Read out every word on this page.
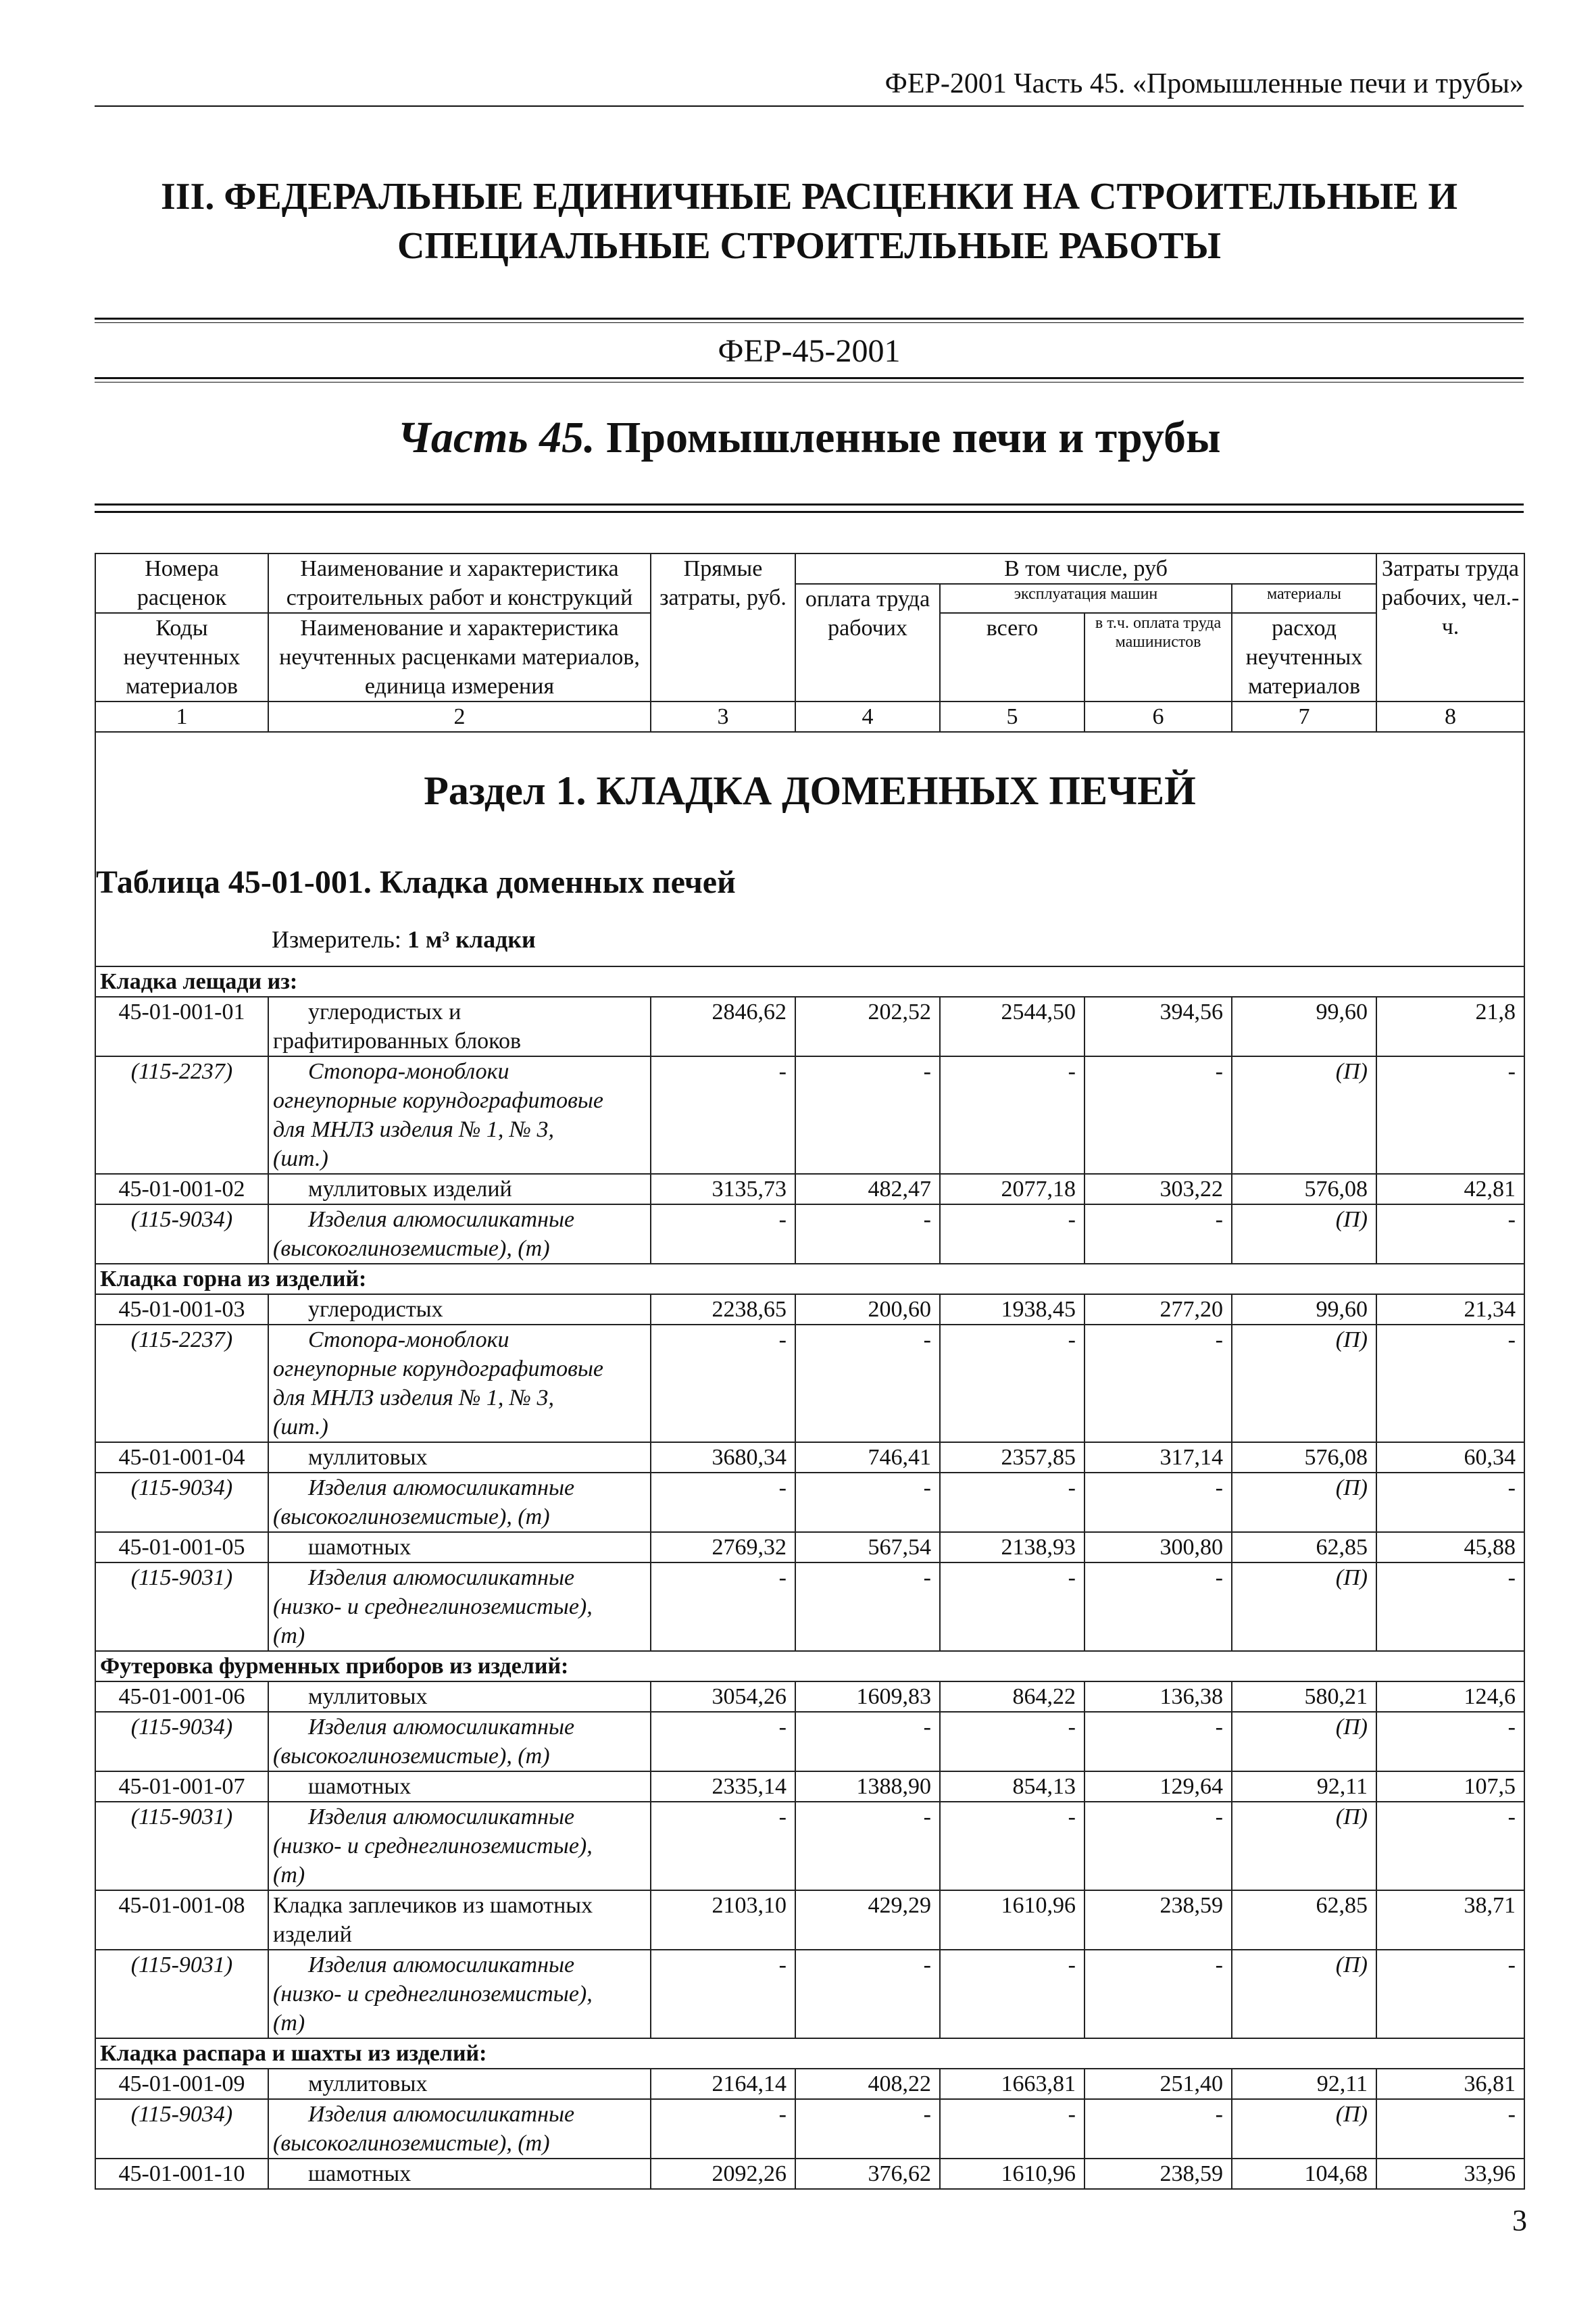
ФЕР-2001 Часть 45. «Промышленные печи и трубы»
III. ФЕДЕРАЛЬНЫЕ ЕДИНИЧНЫЕ РАСЦЕНКИ НА СТРОИТЕЛЬНЫЕ И
СПЕЦИАЛЬНЫЕ СТРОИТЕЛЬНЫЕ РАБОТЫ
ФЕР-45-2001
Часть 45. Промышленные печи и трубы
Номера расценок	Наименование и характеристика строительных работ и конструкций	Прямые затраты, руб.	В том числе, руб				Затраты труда рабочих, чел.-ч.
			оплата труда рабочих	эксплуатация машин		материалы	
Коды неучтенных материалов	Наименование и характеристика неучтенных расценками материалов, единица измерения			всего	в т.ч. оплата труда машинистов	расход неучтенных материалов	

1	2	3	4	5	6	7	8

Раздел 1. КЛАДКА ДОМЕННЫХ ПЕЧЕЙ
Таблица 45-01-001. Кладка доменных печей
Измеритель: 1 м³ кладки							

Кладка лещади из:							
45-01-001-01	углеродистых и
графитированных блоков	2846,62	202,52	2544,50	394,56	99,60	21,8
(115-2237)	Стопора-моноблоки
огнеупорные корундографитовые
для МНЛЗ изделия № 1, № 3,
(шт.)	-	-	-	-	(П)	-
45-01-001-02	муллитовых изделий	3135,73	482,47	2077,18	303,22	576,08	42,81
(115-9034)	Изделия алюмосиликатные
(высокоглиноземистые), (т)	-	-	-	-	(П)	-
Кладка горна из изделий:							
45-01-001-03	углеродистых	2238,65	200,60	1938,45	277,20	99,60	21,34
(115-2237)	Стопора-моноблоки
огнеупорные корундографитовые
для МНЛЗ изделия № 1, № 3,
(шт.)	-	-	-	-	(П)	-
45-01-001-04	муллитовых	3680,34	746,41	2357,85	317,14	576,08	60,34
(115-9034)	Изделия алюмосиликатные
(высокоглиноземистые), (т)	-	-	-	-	(П)	-
45-01-001-05	шамотных	2769,32	567,54	2138,93	300,80	62,85	45,88
(115-9031)	Изделия алюмосиликатные
(низко- и среднеглиноземистые),
(т)	-	-	-	-	(П)	-
Футеровка фурменных приборов из изделий:							
45-01-001-06	муллитовых	3054,26	1609,83	864,22	136,38	580,21	124,6
(115-9034)	Изделия алюмосиликатные
(высокоглиноземистые), (т)	-	-	-	-	(П)	-
45-01-001-07	шамотных	2335,14	1388,90	854,13	129,64	92,11	107,5
(115-9031)	Изделия алюмосиликатные
(низко- и среднеглиноземистые),
(т)	-	-	-	-	(П)	-
45-01-001-08	Кладка заплечиков из шамотных
изделий	2103,10	429,29	1610,96	238,59	62,85	38,71
(115-9031)	Изделия алюмосиликатные
(низко- и среднеглиноземистые),
(т)	-	-	-	-	(П)	-
Кладка распара и шахты из изделий:							
45-01-001-09	муллитовых	2164,14	408,22	1663,81	251,40	92,11	36,81
(115-9034)	Изделия алюмосиликатные
(высокоглиноземистые), (т)	-	-	-	-	(П)	-
45-01-001-10	шамотных	2092,26	376,62	1610,96	238,59	104,68	33,96
3
